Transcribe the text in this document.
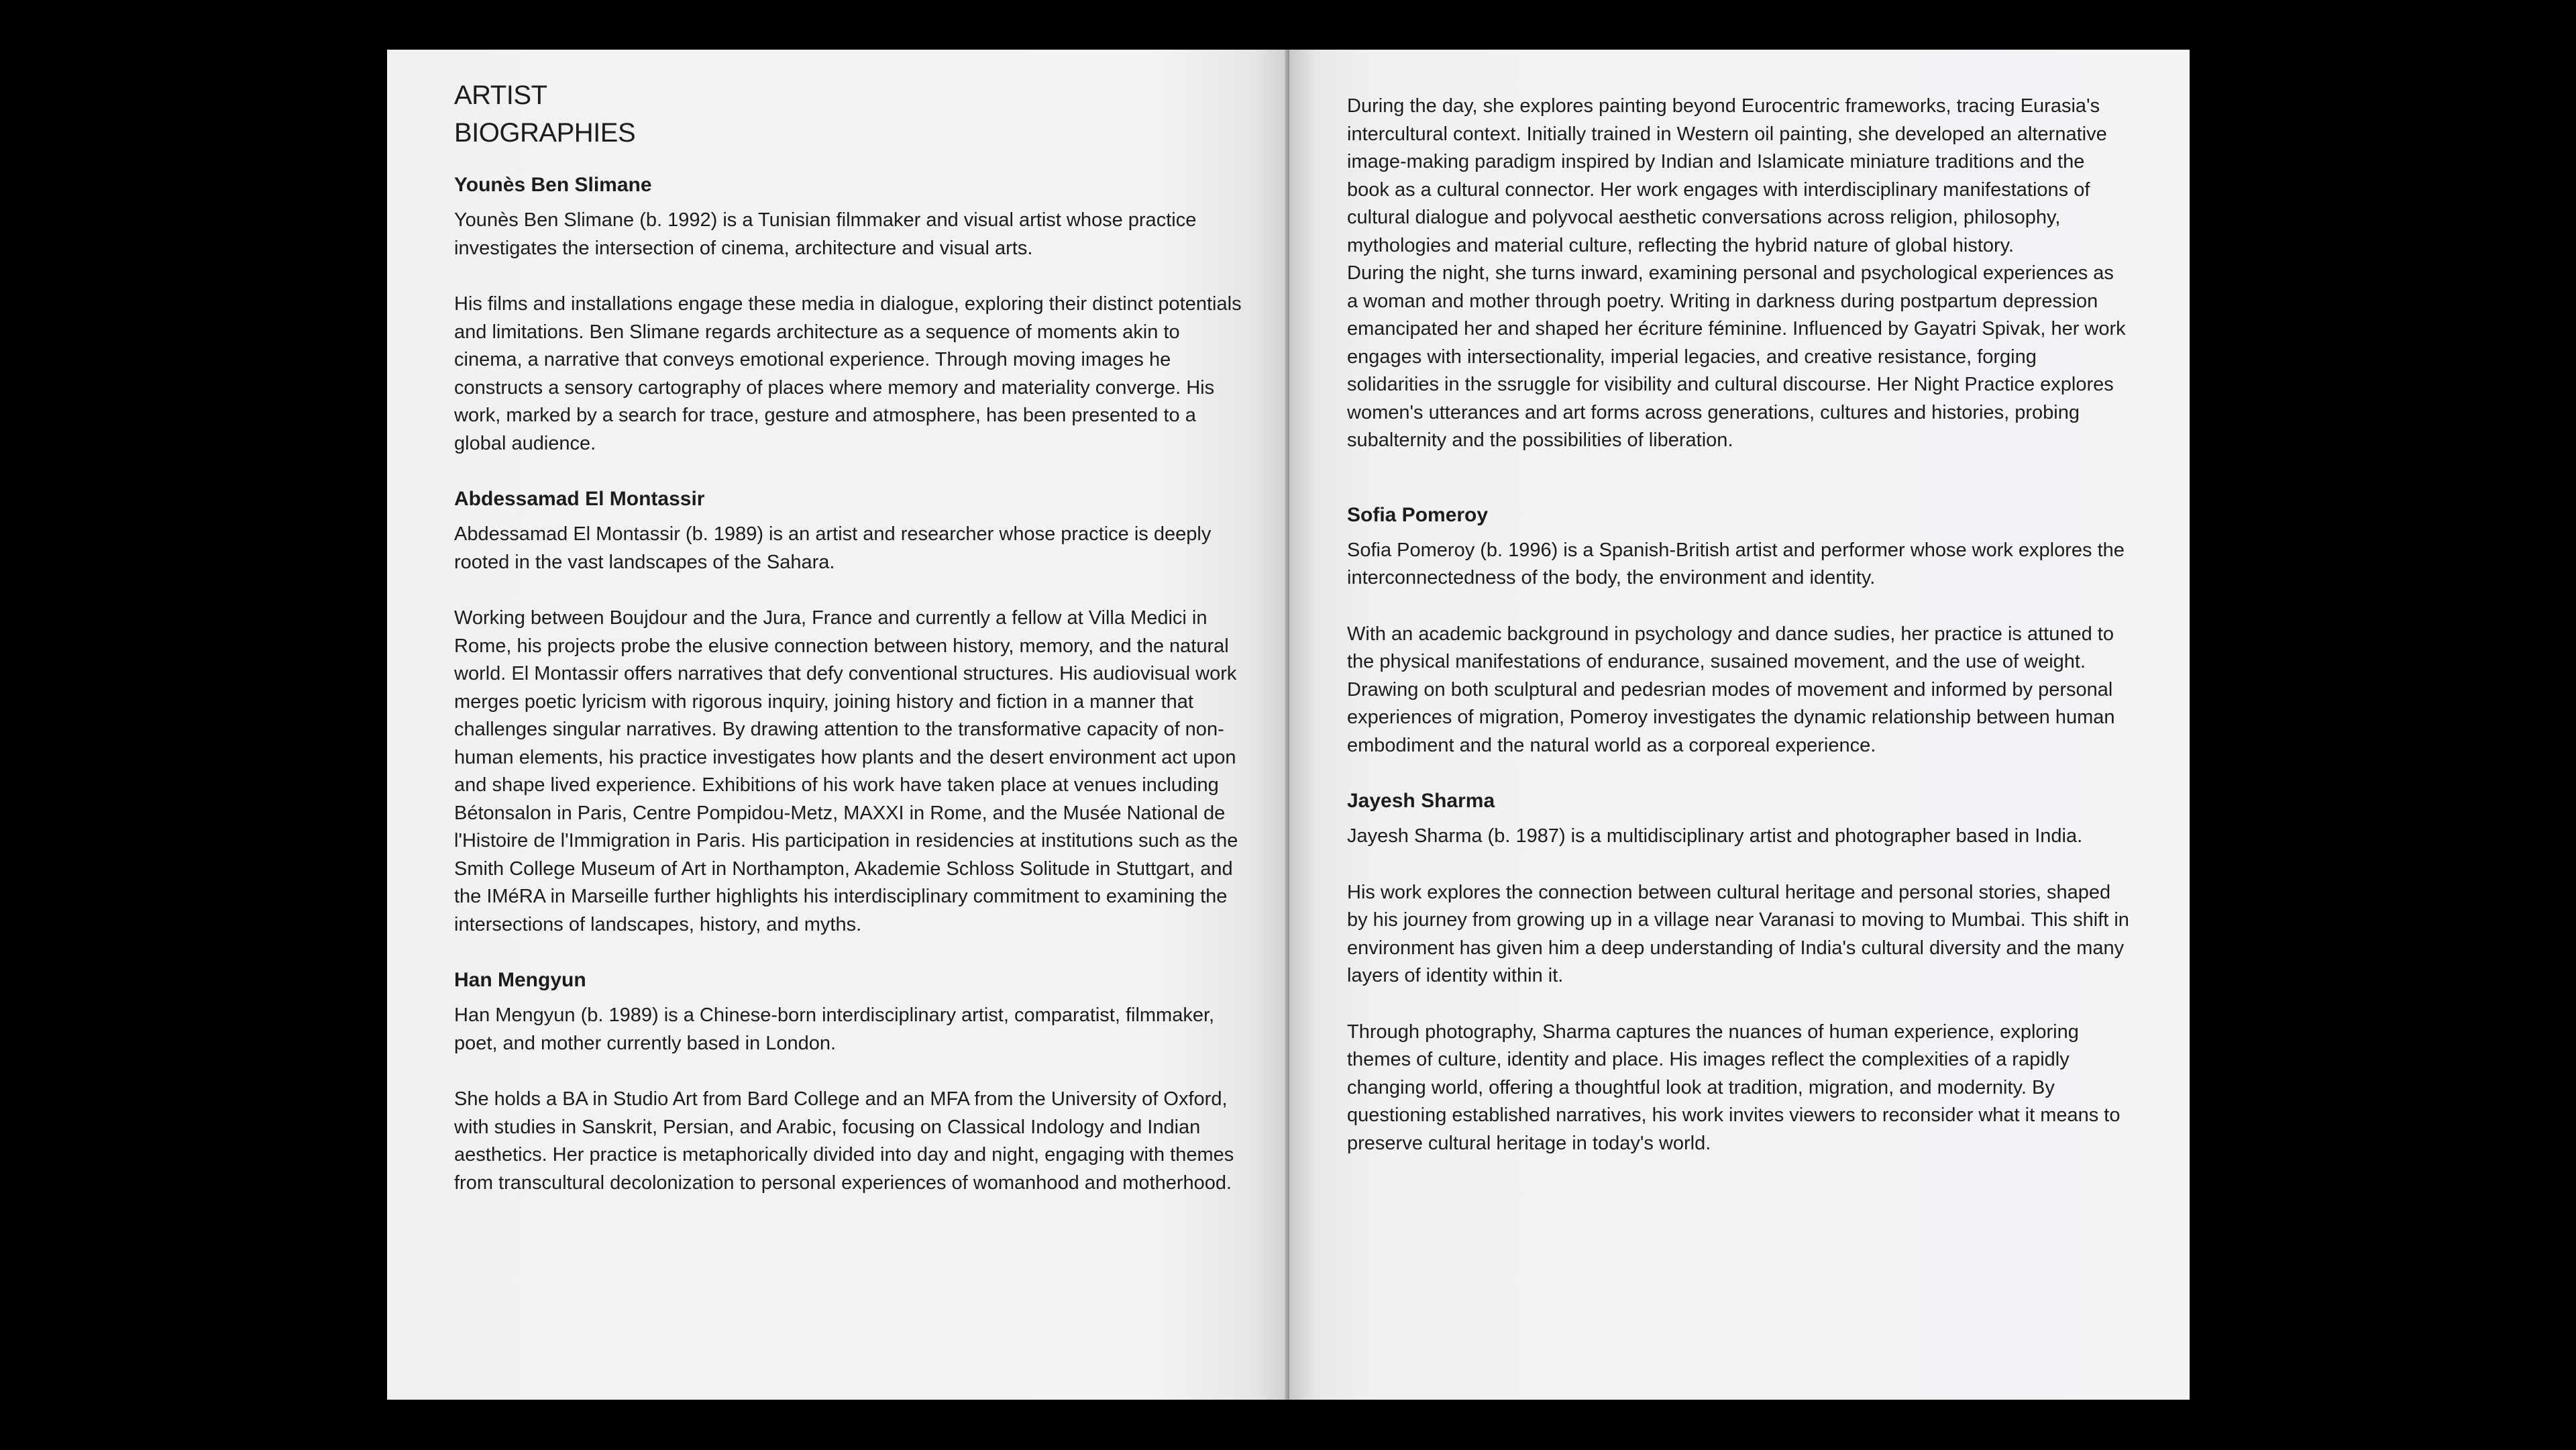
ARTIST
BIOGRAPHIES
Younès Ben Slimane

Younès Ben Slimane (b. 1992) is a Tunisian filmmaker and visual artist whose practice investigates the intersection of cinema, architecture and visual arts.

His films and installations engage these media in dialogue, exploring their distinct potentials and limitations. Ben Slimane regards architecture as a sequence of moments akin to cinema, a narrative that conveys emotional experience. Through moving images he constructs a sensory cartography of places where memory and materiality converge. His work, marked by a search for trace, gesture and atmosphere, has been presented to a global audience.

Abdessamad El Montassir

Abdessamad El Montassir (b. 1989) is an artist and researcher whose practice is deeply rooted in the vast landscapes of the Sahara.

Working between Boujdour and the Jura, France and currently a fellow at Villa Medici in Rome, his projects probe the elusive connection between history, memory, and the natural world. El Montassir offers narratives that defy conventional structures. His audiovisual work merges poetic lyricism with rigorous inquiry, joining history and fiction in a manner that challenges singular narratives. By drawing attention to the transformative capacity of non-human elements, his practice investigates how plants and the desert environment act upon and shape lived experience. Exhibitions of his work have taken place at venues including Bétonsalon in Paris, Centre Pompidou-Metz, MAXXI in Rome, and the Musée National de l'Histoire de l'Immigration in Paris. His participation in residencies at institutions such as the Smith College Museum of Art in Northampton, Akademie Schloss Solitude in Stuttgart, and the IMéRA in Marseille further highlights his interdisciplinary commitment to examining the intersections of landscapes, history, and myths.

Han Mengyun

Han Mengyun (b. 1989) is a Chinese-born interdisciplinary artist, comparatist, filmmaker, poet, and mother currently based in London.

She holds a BA in Studio Art from Bard College and an MFA from the University of Oxford, with studies in Sanskrit, Persian, and Arabic, focusing on Classical Indology and Indian aesthetics. Her practice is metaphorically divided into day and night, engaging with themes from transcultural decolonization to personal experiences of womanhood and motherhood.

During the day, she explores painting beyond Eurocentric frameworks, tracing Eurasia's intercultural context. Initially trained in Western oil painting, she developed an alternative image-making paradigm inspired by Indian and Islamicate miniature traditions and the book as a cultural connector. Her work engages with interdisciplinary manifestations of cultural dialogue and polyvocal aesthetic conversations across religion, philosophy, mythologies and material culture, reflecting the hybrid nature of global history.

During the night, she turns inward, examining personal and psychological experiences as a woman and mother through poetry. Writing in darkness during postpartum depression emancipated her and shaped her écriture féminine. Influenced by Gayatri Spivak, her work engages with intersectionality, imperial legacies, and creative resistance, forging solidarities in the ssruggle for visibility and cultural discourse. Her Night Practice explores women's utterances and art forms across generations, cultures and histories, probing subalternity and the possibilities of liberation.

Sofia Pomeroy

Sofia Pomeroy (b. 1996) is a Spanish-British artist and performer whose work explores the interconnectedness of the body, the environment and identity.

With an academic background in psychology and dance sudies, her practice is attuned to the physical manifestations of endurance, susained movement, and the use of weight. Drawing on both sculptural and pedesrian modes of movement and informed by personal experiences of migration, Pomeroy investigates the dynamic relationship between human embodiment and the natural world as a corporeal experience.

Jayesh Sharma

Jayesh Sharma (b. 1987) is a multidisciplinary artist and photographer based in India.

His work explores the connection between cultural heritage and personal stories, shaped by his journey from growing up in a village near Varanasi to moving to Mumbai. This shift in environment has given him a deep understanding of India's cultural diversity and the many layers of identity within it.

Through photography, Sharma captures the nuances of human experience, exploring themes of culture, identity and place. His images reflect the complexities of a rapidly changing world, offering a thoughtful look at tradition, migration, and modernity. By questioning established narratives, his work invites viewers to reconsider what it means to preserve cultural heritage in today's world.
